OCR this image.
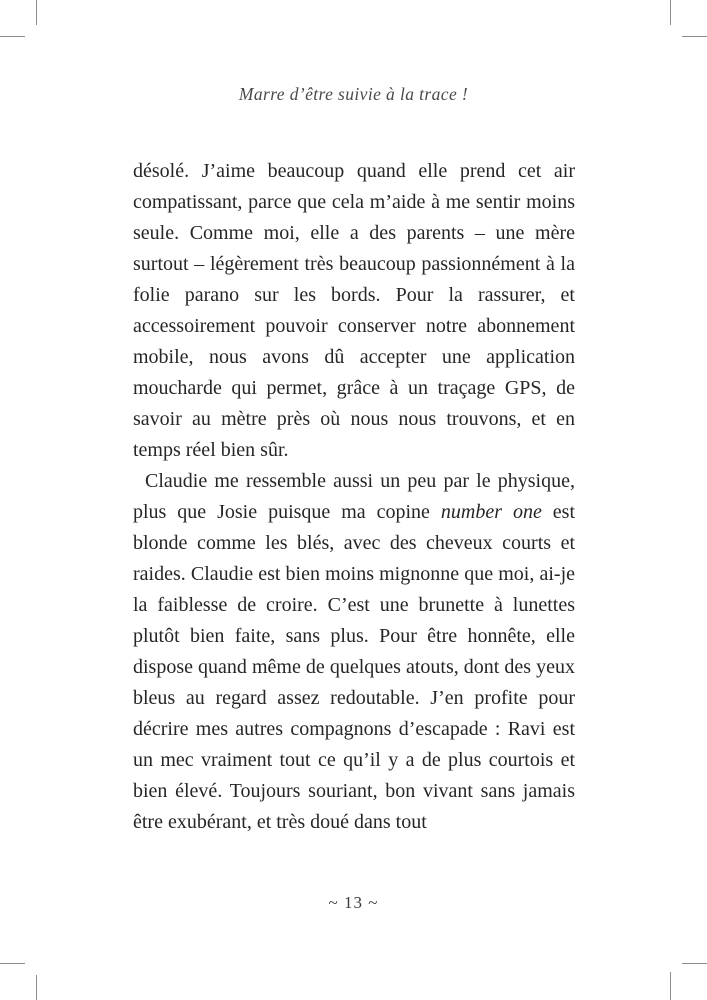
Marre d’être suivie à la trace !

désolé. J’aime beaucoup quand elle prend cet air compatissant, parce que cela m’aide à me sentir moins seule. Comme moi, elle a des parents – une mère surtout – légèrement très beaucoup passionnément à la folie parano sur les bords. Pour la rassurer, et accessoirement pouvoir conserver notre abonnement mobile, nous avons dû accepter une application moucharde qui permet, grâce à un traçage GPS, de savoir au mètre près où nous nous trouvons, et en temps réel bien sûr.

Claudie me ressemble aussi un peu par le physique, plus que Josie puisque ma copine number one est blonde comme les blés, avec des cheveux courts et raides. Claudie est bien moins mignonne que moi, ai-je la faiblesse de croire. C’est une brunette à lunettes plutôt bien faite, sans plus. Pour être honnête, elle dispose quand même de quelques atouts, dont des yeux bleus au regard assez redoutable. J’en profite pour décrire mes autres compagnons d’escapade : Ravi est un mec vraiment tout ce qu’il y a de plus courtois et bien élevé. Toujours souriant, bon vivant sans jamais être exubérant, et très doué dans tout

~ 13 ~
